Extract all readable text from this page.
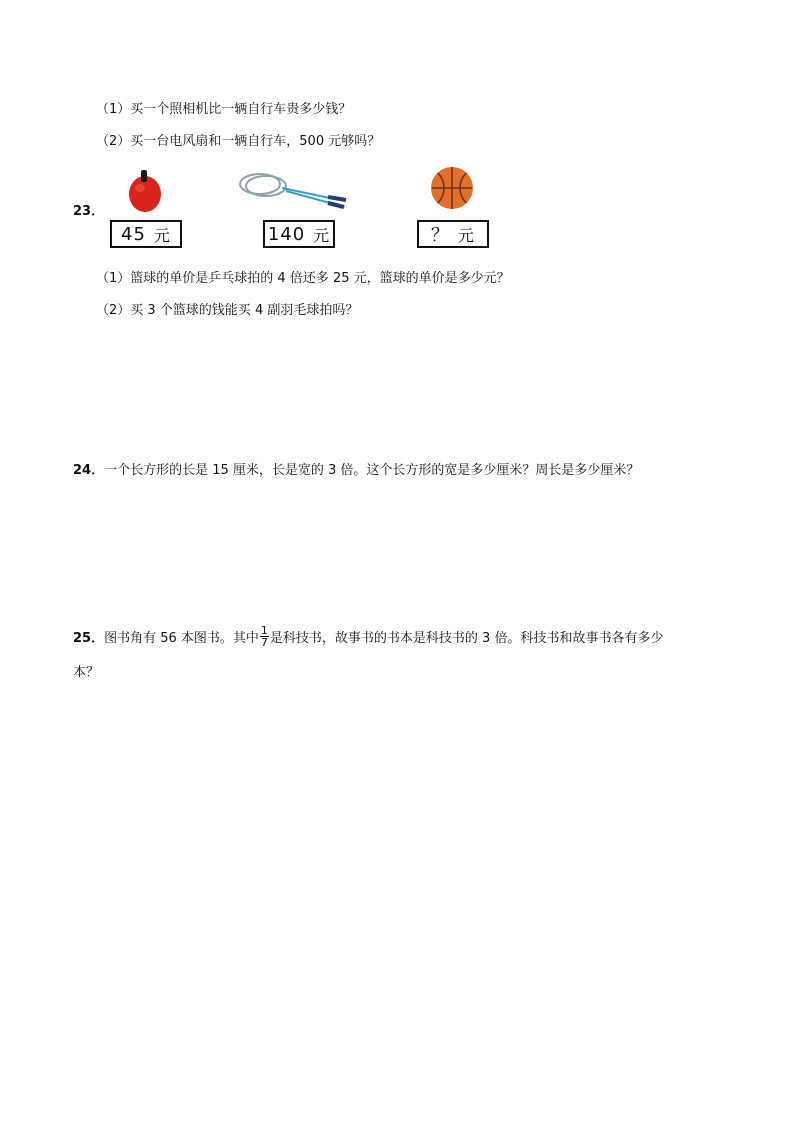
（1）买一个照相机比一辆自行车贵多少钱？
（2）买一台电风扇和一辆自行车，500 元够吗？
23．
45 元	140 元	？ 元
（1）篮球的单价是乒乓球拍的 4 倍还多 25 元，篮球的单价是多少元？
（2）买 3 个篮球的钱能买 4 副羽毛球拍吗？
24．一个长方形的长是 15 厘米，长是宽的 3 倍。这个长方形的宽是多少厘米？周长是多少厘米？
25．图书角有 56 本图书。其中 $\frac{1}{7}$ 是科技书，故事书的书本是科技书的 3 倍。科技书和故事书各有多少
本？
